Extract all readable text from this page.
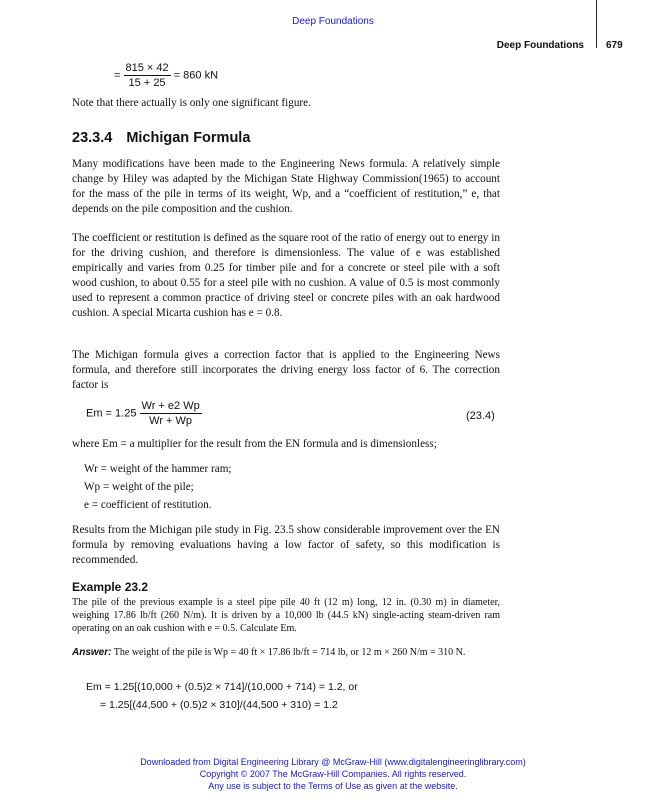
Deep Foundations
Deep Foundations 679
= $\frac{815 \times 42}{15 + 25} = 860$ kN
Note that there actually is only one significant figure.
23.3.4 Michigan Formula
Many modifications have been made to the Engineering News formula. A relatively simple change by Hiley was adapted by the Michigan State Highway Commission(1965) to account for the mass of the pile in terms of its weight, Wp, and a “coefficient of restitution,” e, that depends on the pile composition and the cushion.
The coefficient or restitution is defined as the square root of the ratio of energy out to energy in for the driving cushion, and therefore is dimensionless. The value of e was established empirically and varies from 0.25 for timber pile and for a concrete or steel pile with a soft wood cushion, to about 0.55 for a steel pile with no cushion. A value of 0.5 is most commonly used to represent a common practice of driving steel or concrete piles with an oak hardwood cushion. A special Micarta cushion has e = 0.8.
The Michigan formula gives a correction factor that is applied to the Engineering News formula, and therefore still incorporates the driving energy loss factor of 6. The correction factor is
$Em = 1.25 \frac{Wr + e2 Wp}{Wr + Wp}$	(23.4)
where Em = a multiplier for the result from the EN formula and is dimensionless;
Wr = weight of the hammer ram;
Wp = weight of the pile;
e = coefficient of restitution.
Results from the Michigan pile study in Fig. 23.5 show considerable improvement over the EN formula by removing evaluations having a low factor of safety, so this modification is recommended.
Example 23.2
The pile of the previous example is a steel pipe pile 40 ft (12 m) long, 12 in. (0.30 m) in diameter, weighing 17.86 lb/ft (260 N/m). It is driven by a 10,000 lb (44.5 kN) single-acting steam-driven ram operating on an oak cushion with e = 0.5. Calculate Em.
Answer: The weight of the pile is Wp = 40 ft × 17.86 lb/ft = 714 lb, or 12 m × 260 N/m = 310 N.
Em = 1.25[(10,000 + (0.5)2 × 714]/(10,000 + 714) = 1.2, or
= 1.25[(44,500 + (0.5)2 × 310]/(44,500 + 310) = 1.2
Downloaded from Digital Engineering Library @ McGraw-Hill (www.digitalengineeringlibrary.com)
Copyright © 2007 The McGraw-Hill Companies. All rights reserved.
Any use is subject to the Terms of Use as given at the website.
